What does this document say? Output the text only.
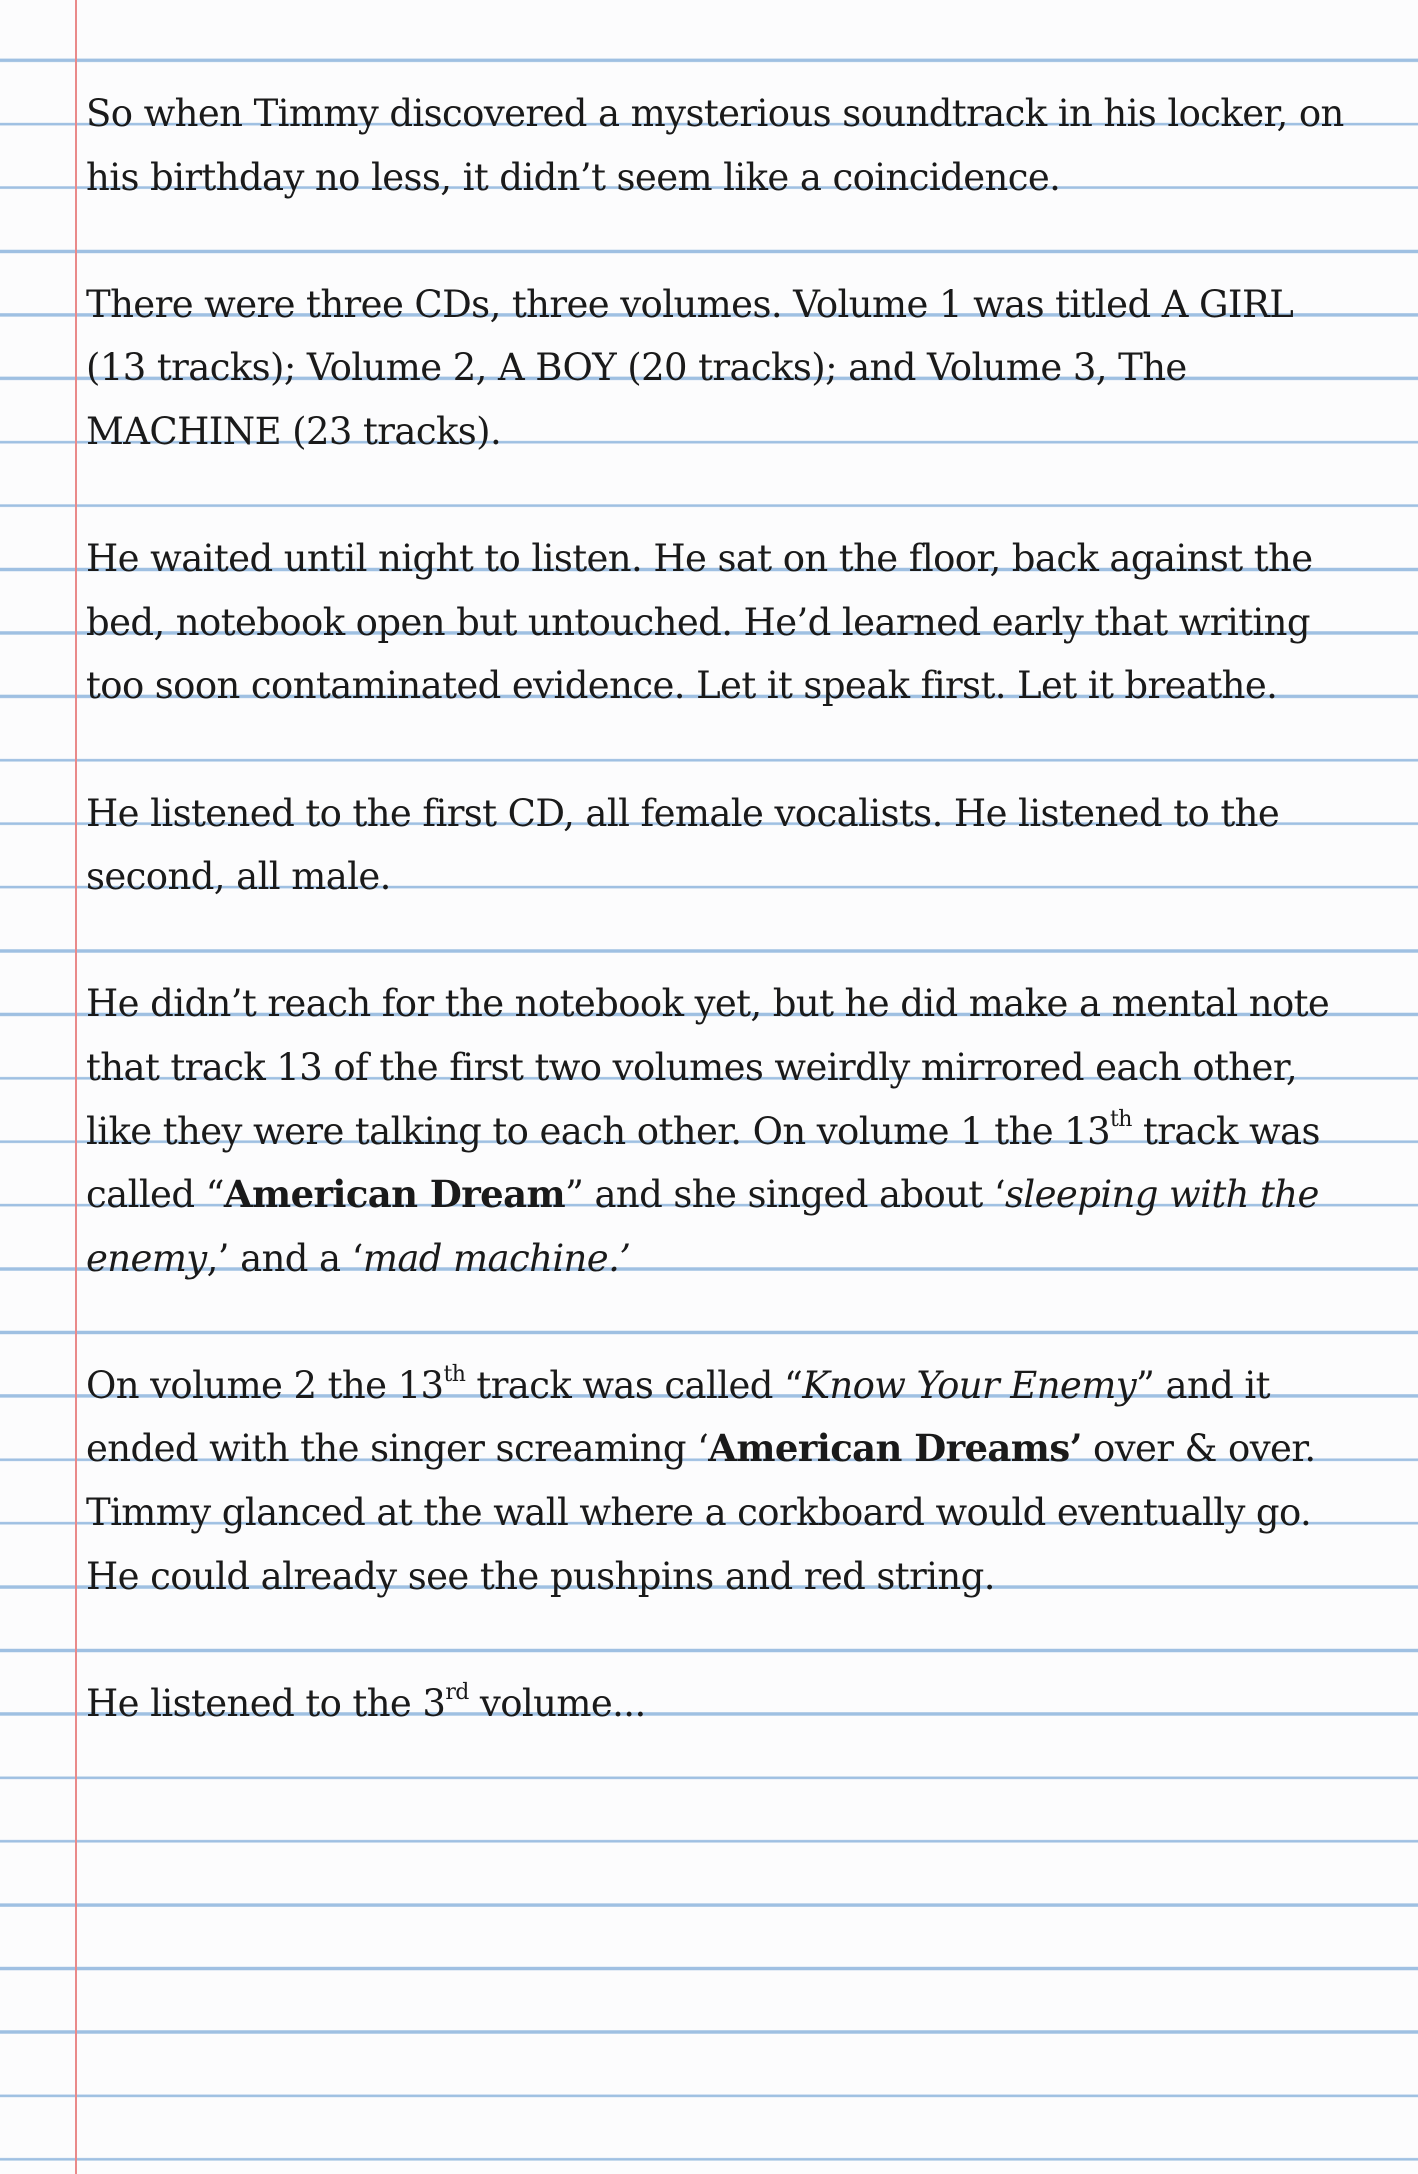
So when Timmy discovered a mysterious soundtrack in his locker, on his birthday no less, it didn’t seem like a coincidence.

There were three CDs, three volumes. Volume 1 was titled A GIRL (13 tracks); Volume 2, A BOY (20 tracks); and Volume 3, The MACHINE (23 tracks).

He waited until night to listen. He sat on the floor, back against the bed, notebook open but untouched. He’d learned early that writing too soon contaminated evidence. Let it speak first. Let it breathe.

He listened to the first CD, all female vocalists. He listened to the second, all male.

He didn’t reach for the notebook yet, but he did make a mental note that track 13 of the first two volumes weirdly mirrored each other, like they were talking to each other. On volume 1 the 13th track was called “American Dream” and she singed about ‘sleeping with the enemy,’ and a ‘mad machine.’

On volume 2 the 13th track was called “Know Your Enemy” and it ended with the singer screaming ‘American Dreams’ over & over. Timmy glanced at the wall where a corkboard would eventually go. He could already see the pushpins and red string.

He listened to the 3rd volume...
